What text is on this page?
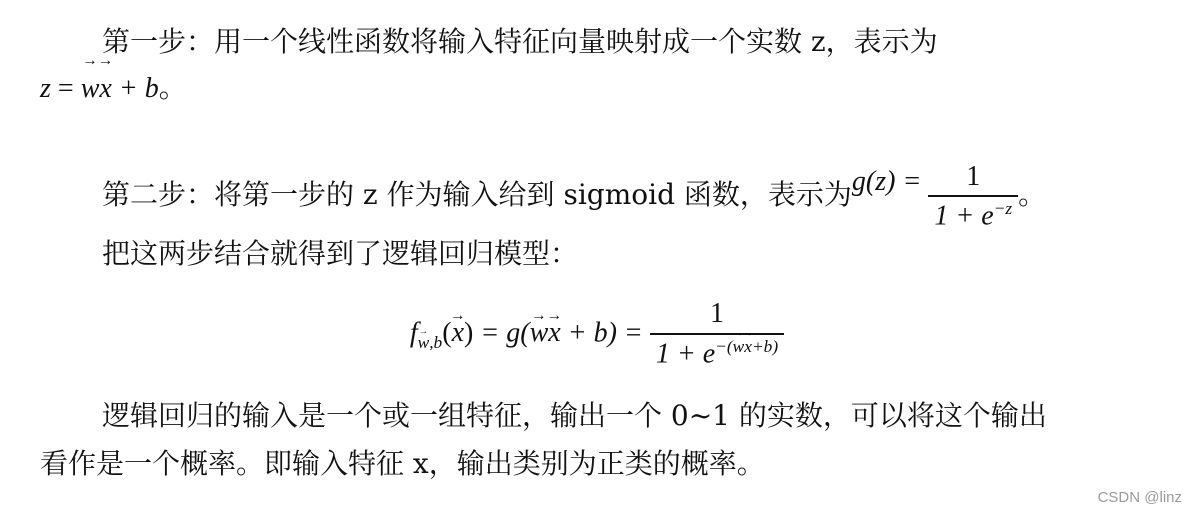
第一步：用一个线性函数将输入特征向量映射成一个实数 z，表示为
z = w →x → + b。
第二步：将第一步的 z 作为输入给到 sigmoid 函数，表示为$g(z) = \frac{1}{1 + e^{-z}}$ 。
把这两步结合就得到了逻辑回归模型：
$f_{w \to,b}(x$ →) = g(w →x → + $b) = \frac{1}{1 + e^{-(w \to x \to+b)}}$
逻辑回归的输入是一个或一组特征，输出一个 0~1 的实数，可以将这个输出
看作是一个概率。即输入特征 x，输出类别为正类的概率。
CSDN @linz
